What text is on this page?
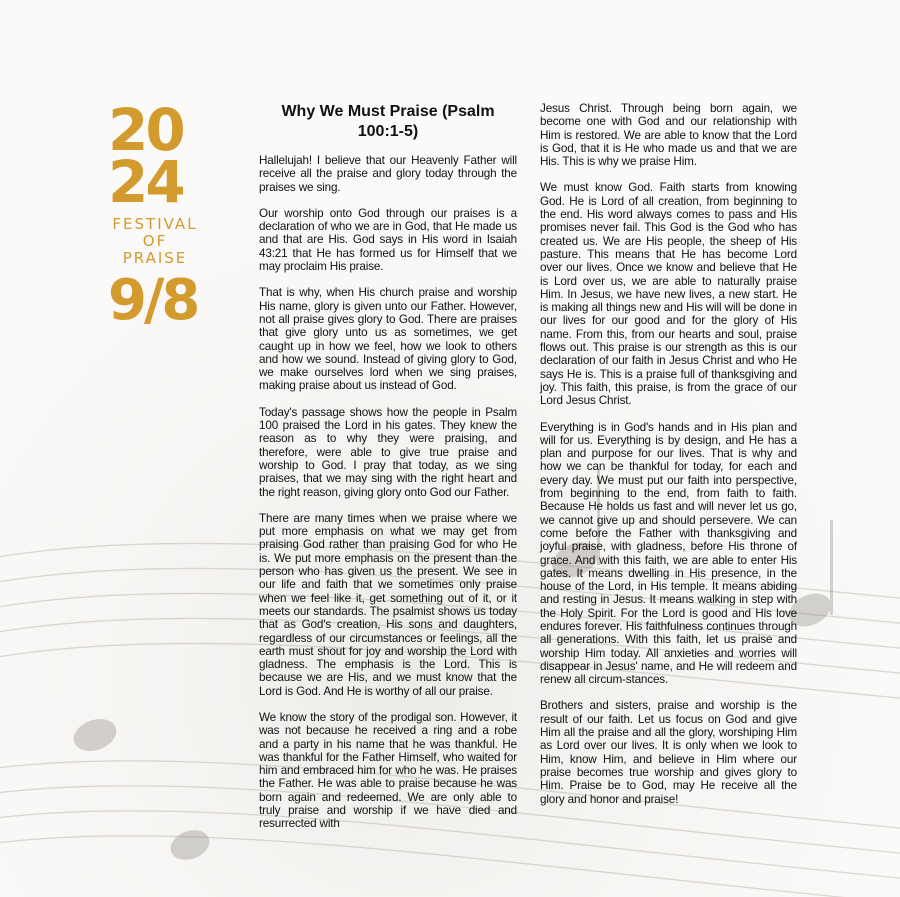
20
24
FESTIVAL
OF PRAISE
9/8
Why We Must Praise (Psalm 100:1-5)

Hallelujah! I believe that our Heavenly Father will receive all the praise and glory today through the praises we sing.

Our worship onto God through our praises is a declaration of who we are in God, that He made us and that are His. God says in His word in Isaiah 43:21 that He has formed us for Himself that we may proclaim His praise.

That is why, when His church praise and worship His name, glory is given unto our Father. However, not all praise gives glory to God. There are praises that give glory unto us as sometimes, we get caught up in how we feel, how we look to others and how we sound. Instead of giving glory to God, we make ourselves lord when we sing praises, making praise about us instead of God.

Today's passage shows how the people in Psalm 100 praised the Lord in his gates. They knew the reason as to why they were praising, and therefore, were able to give true praise and worship to God. I pray that today, as we sing praises, that we may sing with the right heart and the right reason, giving glory onto God our Father.

There are many times when we praise where we put more emphasis on what we may get from praising God rather than praising God for who He is. We put more emphasis on the present than the person who has given us the present. We see in our life and faith that we sometimes only praise when we feel like it, get something out of it, or it meets our standards. The psalmist shows us today that as God's creation, His sons and daughters, regardless of our circumstances or feelings, all the earth must shout for joy and worship the Lord with gladness. The emphasis is the Lord. This is because we are His, and we must know that the Lord is God. And He is worthy of all our praise.

We know the story of the prodigal son. However, it was not because he received a ring and a robe and a party in his name that he was thankful. He was thankful for the Father Himself, who waited for him and embraced him for who he was. He praises the Father. He was able to praise because he was born again and redeemed. We are only able to truly praise and worship if we have died and resurrected with

Jesus Christ. Through being born again, we become one with God and our relationship with Him is restored. We are able to know that the Lord is God, that it is He who made us and that we are His. This is why we praise Him.

We must know God. Faith starts from knowing God. He is Lord of all creation, from beginning to the end. His word always comes to pass and His promises never fail. This God is the God who has created us. We are His people, the sheep of His pasture. This means that He has become Lord over our lives. Once we know and believe that He is Lord over us, we are able to naturally praise Him. In Jesus, we have new lives, a new start. He is making all things new and His will will be done in our lives for our good and for the glory of His name. From this, from our hearts and soul, praise flows out. This praise is our strength as this is our declaration of our faith in Jesus Christ and who He says He is. This is a praise full of thanksgiving and joy. This faith, this praise, is from the grace of our Lord Jesus Christ.

Everything is in God's hands and in His plan and will for us. Everything is by design, and He has a plan and purpose for our lives. That is why and how we can be thankful for today, for each and every day. We must put our faith into perspective, from beginning to the end, from faith to faith. Because He holds us fast and will never let us go, we cannot give up and should persevere. We can come before the Father with thanksgiving and joyful praise, with gladness, before His throne of grace. And with this faith, we are able to enter His gates. It means dwelling in His presence, in the house of the Lord, in His temple. It means abiding and resting in Jesus. It means walking in step with the Holy Spirit. For the Lord is good and His love endures forever. His faithfulness continues through all generations. With this faith, let us praise and worship Him today. All anxieties and worries will disappear in Jesus' name, and He will redeem and renew all circum-stances.

Brothers and sisters, praise and worship is the result of our faith. Let us focus on God and give Him all the praise and all the glory, worshiping Him as Lord over our lives. It is only when we look to Him, know Him, and believe in Him where our praise becomes true worship and gives glory to Him. Praise be to God, may He receive all the glory and honor and praise!
